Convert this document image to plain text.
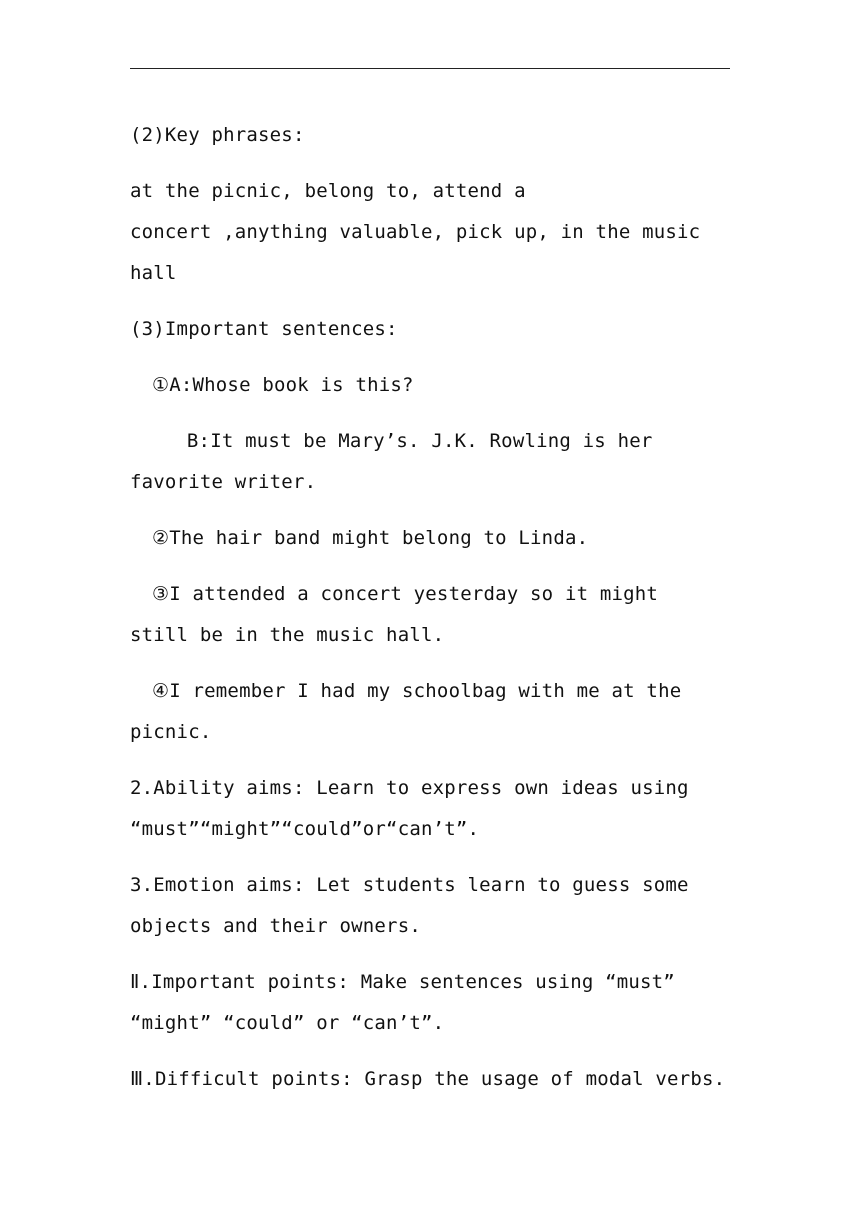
(2)Key phrases:
at the picnic, belong to, attend a
concert ,anything valuable, pick up, in the music
hall
(3)Important sentences:
①A:Whose book is this?
B:It must be Mary’s. J.K. Rowling is her
favorite writer.
②The hair band might belong to Linda.
③I attended a concert yesterday so it might
still be in the music hall.
④I remember I had my schoolbag with me at the
picnic.
2.Ability aims: Learn to express own ideas using
“must”“might”“could”or“can’t”.
3.Emotion aims: Let students learn to guess some
objects and their owners.
Ⅱ.Important points: Make sentences using “must”
“might” “could” or “can’t”.
Ⅲ.Difficult points: Grasp the usage of modal verbs.
